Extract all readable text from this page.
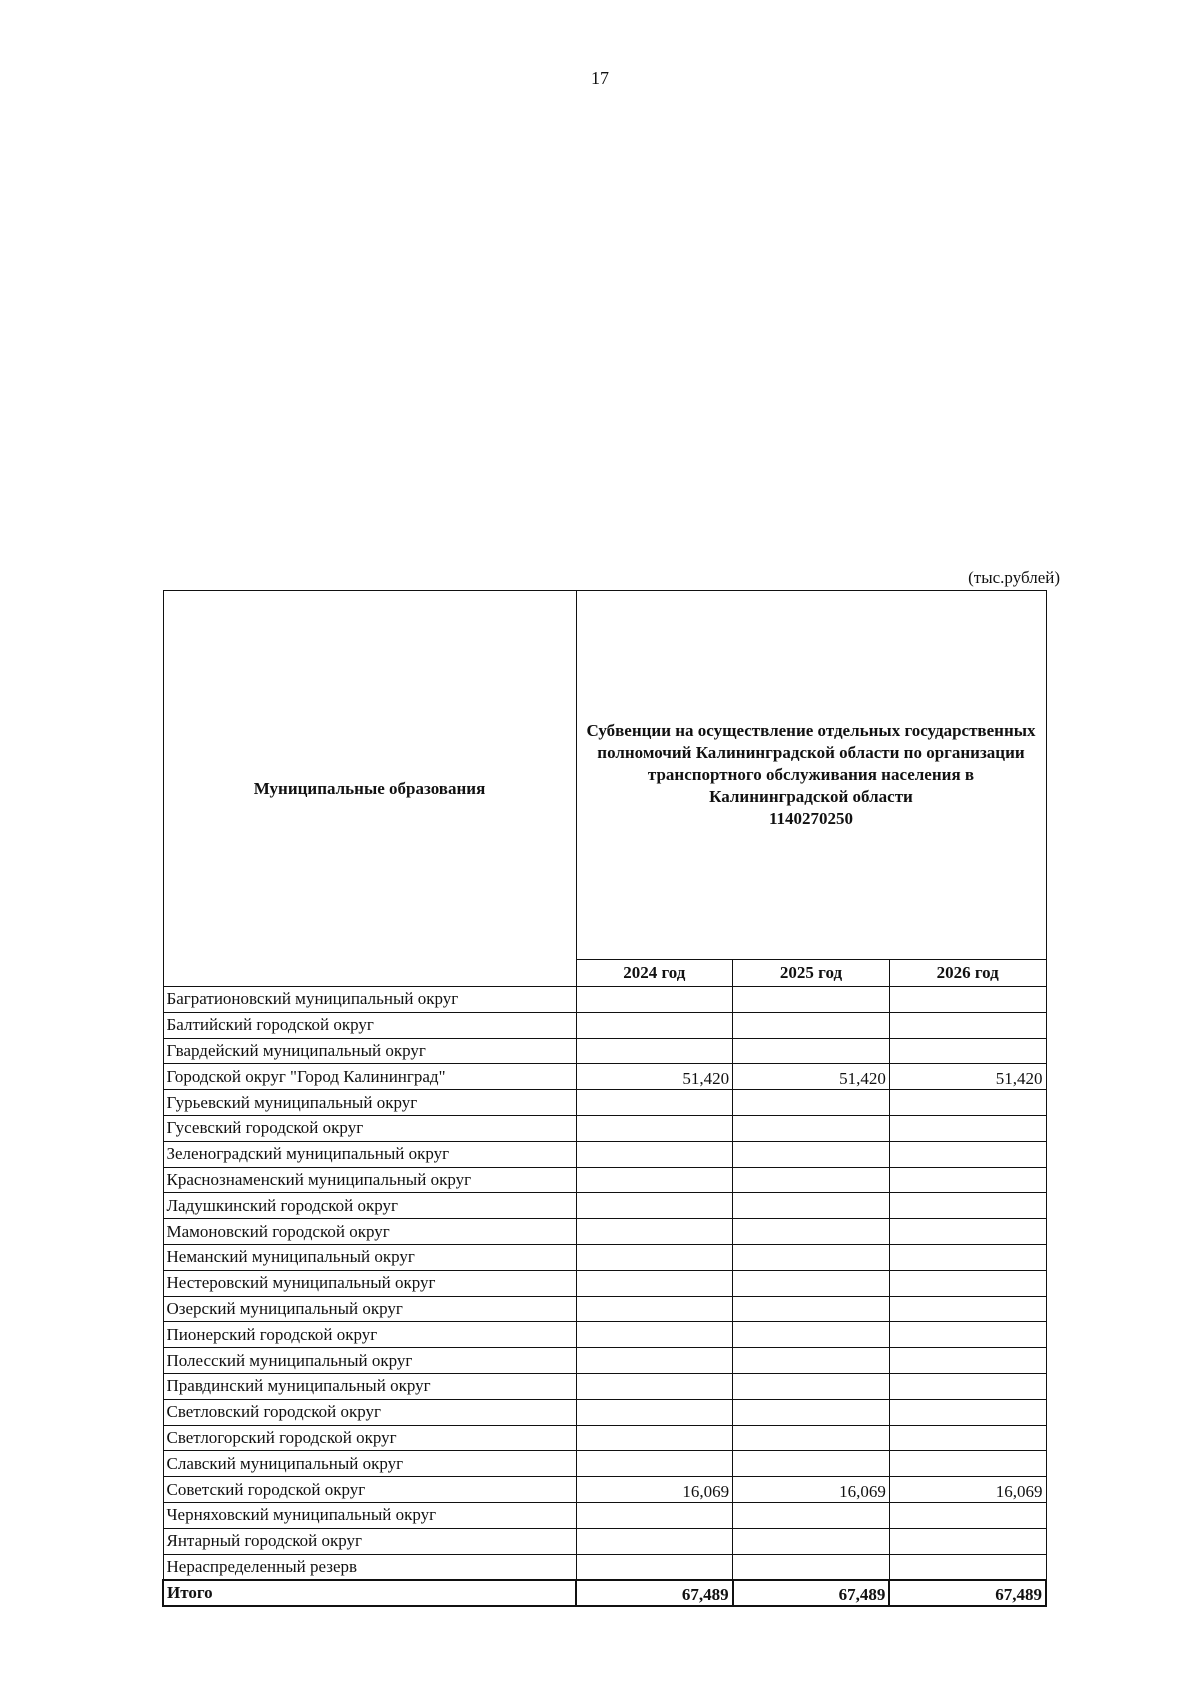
17
(тыс.рублей)
Муниципальные образования	Субвенции на осуществление отдельных государственных полномочий Калининградской области по организации транспортного обслуживания населения в Калининградской области
1140270250		

	2024 год	2025 год	2026 год
Багратионовский муниципальный округ			
Балтийский городской округ			
Гвардейский муниципальный округ			
Городской округ "Город Калининград"	51,420	51,420	51,420
Гурьевский муниципальный округ			
Гусевский городской округ			
Зеленоградский муниципальный округ			
Краснознаменский муниципальный округ			
Ладушкинский городской округ			
Мамоновский городской округ			
Неманский муниципальный округ			
Нестеровский муниципальный округ			
Озерский муниципальный округ			
Пионерский городской округ			
Полесский муниципальный округ			
Правдинский муниципальный округ			
Светловский городской округ			
Светлогорский городской округ			
Славский муниципальный округ			
Советский городской округ	16,069	16,069	16,069
Черняховский муниципальный округ			
Янтарный городской округ			
Нераспределенный резерв			
Итого	67,489	67,489	67,489
